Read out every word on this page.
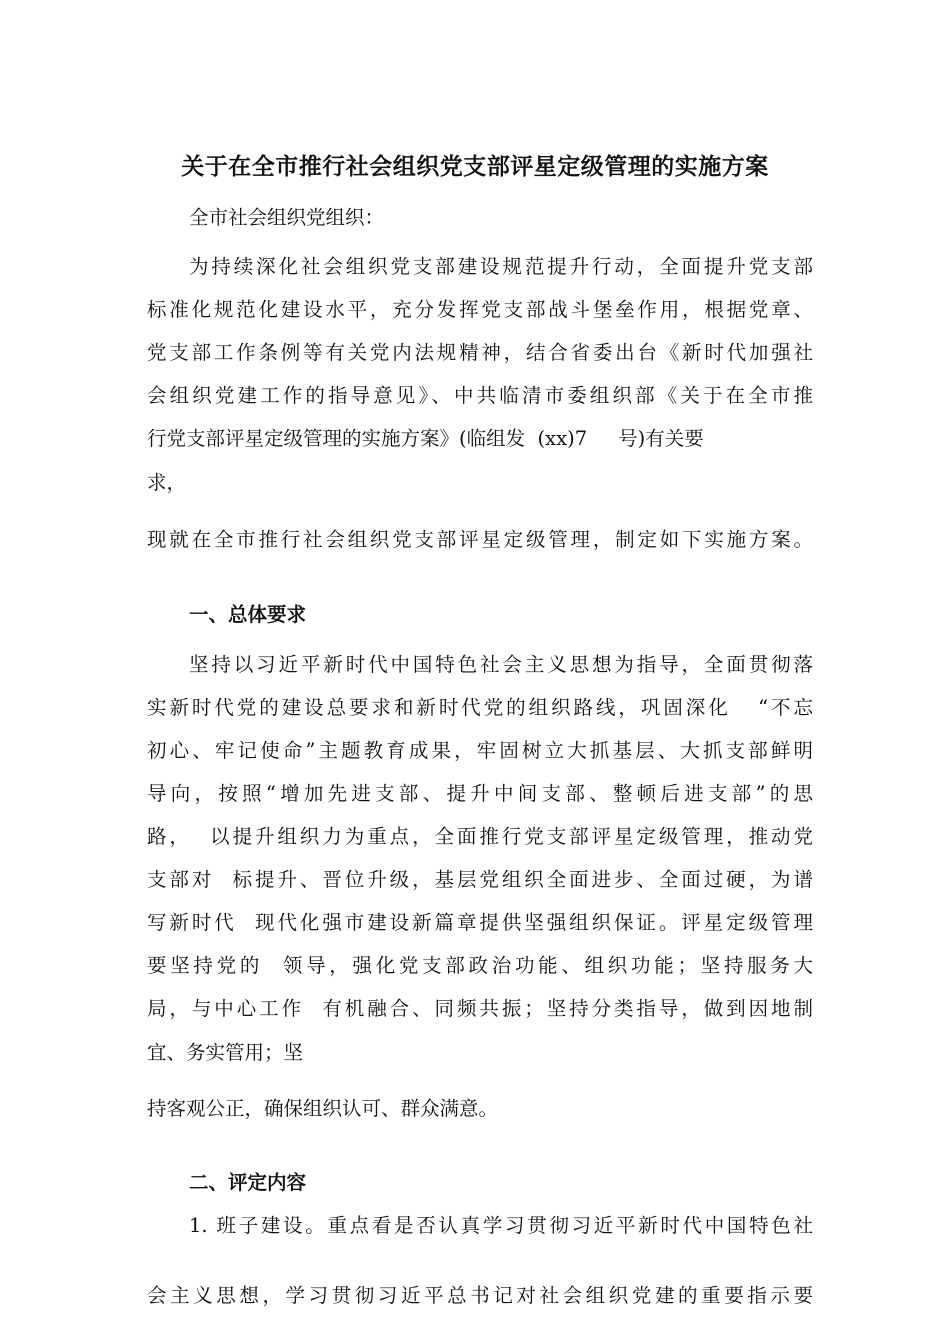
关于在全市推行社会组织党支部评星定级管理的实施方案
全市社会组织党组织：
为持续深化社会组织党支部建设规范提升行动，全面提升党支部
标准化规范化建设水平，充分发挥党支部战斗堡垒作用，根据党章、
党支部工作条例等有关党内法规精神，结合省委出台《新时代加强社
会组织党建工作的指导意见》、中共临清市委组织部《关于在全市推
行党支部评星定级管理的实施方案》(临组发  (xx)7     号)有关要
求，
现就在全市推行社会组织党支部评星定级管理，制定如下实施方案。
一、总体要求
坚持以习近平新时代中国特色社会主义思想为指导，全面贯彻落
实新时代党的建设总要求和新时代党的组织路线，巩固深化   “不忘
初心、牢记使命”主题教育成果，牢固树立大抓基层、大抓支部鲜明
导向，按照“增加先进支部、提升中间支部、整顿后进支部”的思
路，  以提升组织力为重点，全面推行党支部评星定级管理，推动党
支部对  标提升、晋位升级，基层党组织全面进步、全面过硬，为谱
写新时代  现代化强市建设新篇章提供坚强组织保证。评星定级管理
要坚持党的  领导，强化党支部政治功能、组织功能；坚持服务大
局，与中心工作  有机融合、同频共振；坚持分类指导，做到因地制
宜、务实管用；坚
持客观公正，确保组织认可、群众满意。
二、评定内容
1. 班子建设。重点看是否认真学习贯彻习近平新时代中国特色社
会主义思想，学习贯彻习近平总书记对社会组织党建的重要指示要
